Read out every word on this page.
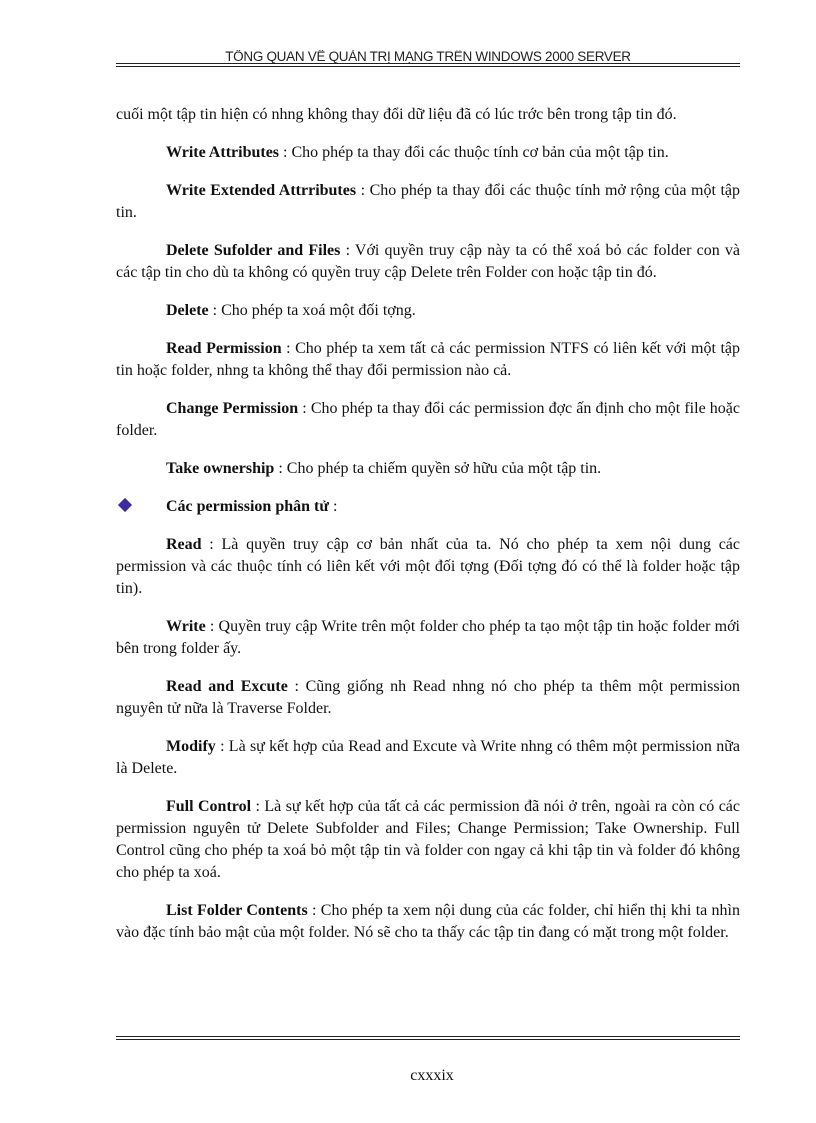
TỔNG QUAN VỀ QUẢN TRỊ MẠNG TRÊN WINDOWS 2000 SERVER

cuối một tập tin hiện có nhng không thay đổi dữ liệu đã có lúc trớc bên trong tập tin đó.

Write Attributes : Cho phép ta thay đổi các thuộc tính cơ bản của một tập tin.

Write Extended Attrributes : Cho phép ta thay đổi các thuộc tính mở rộng của một tập tin.

Delete Sufolder and Files : Với quyền truy cập này ta có thể xoá bỏ các folder con và các tập tin cho dù ta không có quyền truy cập Delete trên Folder con hoặc tập tin đó.

Delete : Cho phép ta xoá một đối tợng.

Read Permission : Cho phép ta xem tất cả các permission NTFS có liên kết với một tập tin hoặc folder, nhng ta không thể thay đổi permission nào cả.

Change Permission : Cho phép ta thay đổi các permission đợc ấn định cho một file hoặc folder.

Take ownership : Cho phép ta chiếm quyền sở hữu của một tập tin.

Các permission phân tử :

Read : Là quyền truy cập cơ bản nhất của ta. Nó cho phép ta xem nội dung các permission và các thuộc tính có liên kết với một đối tợng (Đối tợng đó có thể là folder hoặc tập tin).

Write : Quyền truy cập Write trên một folder cho phép ta tạo một tập tin hoặc folder mới bên trong folder ấy.

Read and Excute : Cũng giống nh Read nhng nó cho phép ta thêm một permission nguyên tử nữa là Traverse Folder.

Modify : Là sự kết hợp của Read and Excute và Write nhng có thêm một permission nữa là Delete.

Full Control : Là sự kết hợp của tất cả các permission đã nói ở trên, ngoài ra còn có các permission nguyên tử Delete Subfolder and Files; Change Permission; Take Ownership. Full Control cũng cho phép ta xoá bỏ một tập tin và folder con ngay cả khi tập tin và folder đó không cho phép ta xoá.

List Folder Contents : Cho phép ta xem nội dung của các folder, chỉ hiển thị khi ta nhìn vào đặc tính bảo mật của một folder. Nó sẽ cho ta thấy các tập tin đang có mặt trong một folder.

cxxxix
